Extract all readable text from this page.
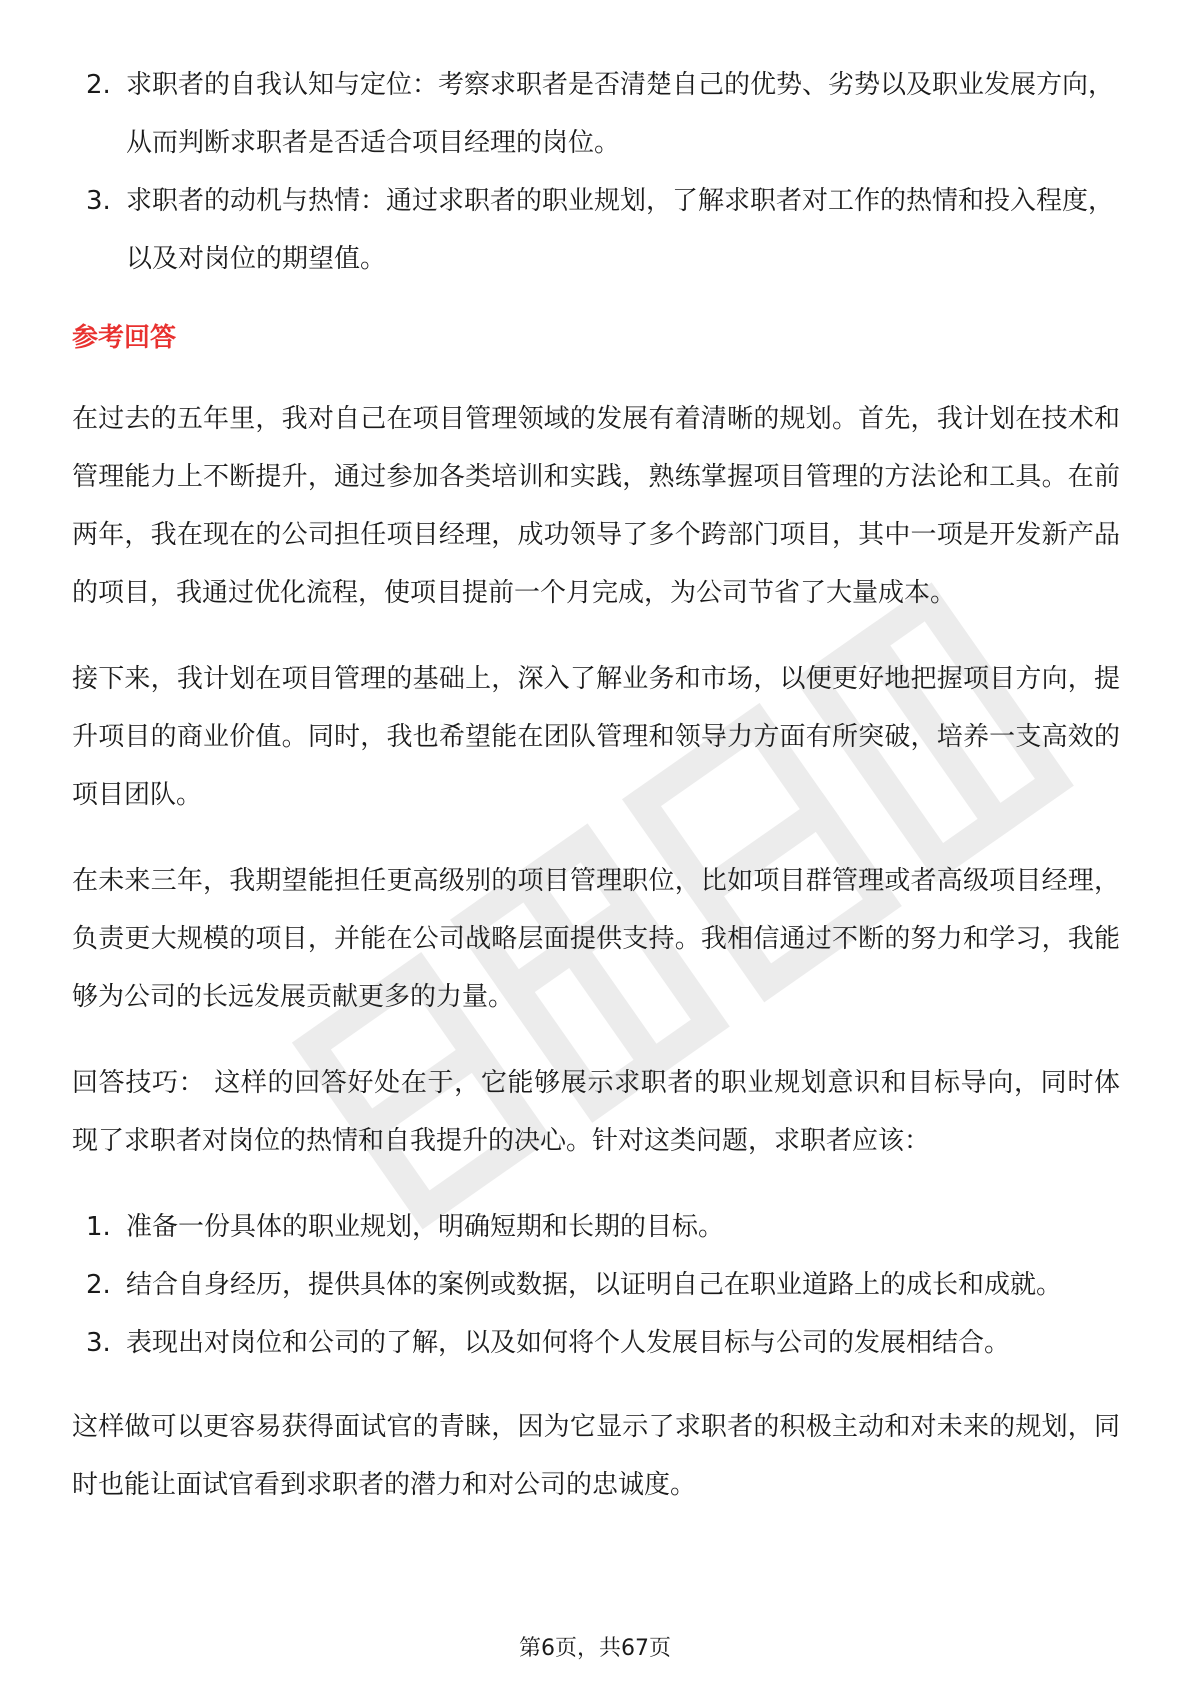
2. 求职者的自我认知与定位：考察求职者是否清楚自己的优势、劣势以及职业发展方向，从而判断求职者是否适合项目经理的岗位。
3. 求职者的动机与热情：通过求职者的职业规划，了解求职者对工作的热情和投入程度，以及对岗位的期望值。
参考回答

在过去的五年里，我对自己在项目管理领域的发展有着清晰的规划。首先，我计划在技术和管理能力上不断提升，通过参加各类培训和实践，熟练掌握项目管理的方法论和工具。在前两年，我在现在的公司担任项目经理，成功领导了多个跨部门项目，其中一项是开发新产品的项目，我通过优化流程，使项目提前一个月完成，为公司节省了大量成本。

接下来，我计划在项目管理的基础上，深入了解业务和市场，以便更好地把握项目方向，提升项目的商业价值。同时，我也希望能在团队管理和领导力方面有所突破，培养一支高效的项目团队。

在未来三年，我期望能担任更高级别的项目管理职位，比如项目群管理或者高级项目经理，负责更大规模的项目，并能在公司战略层面提供支持。我相信通过不断的努力和学习，我能够为公司的长远发展贡献更多的力量。

回答技巧： 这样的回答好处在于，它能够展示求职者的职业规划意识和目标导向，同时体现了求职者对岗位的热情和自我提升的决心。针对这类问题，求职者应该：

1. 准备一份具体的职业规划，明确短期和长期的目标。
2. 结合自身经历，提供具体的案例或数据，以证明自己在职业道路上的成长和成就。
3. 表现出对岗位和公司的了解，以及如何将个人发展目标与公司的发展相结合。

这样做可以更容易获得面试官的青睐，因为它显示了求职者的积极主动和对未来的规划，同时也能让面试官看到求职者的潜力和对公司的忠诚度。

第6页，共67页
